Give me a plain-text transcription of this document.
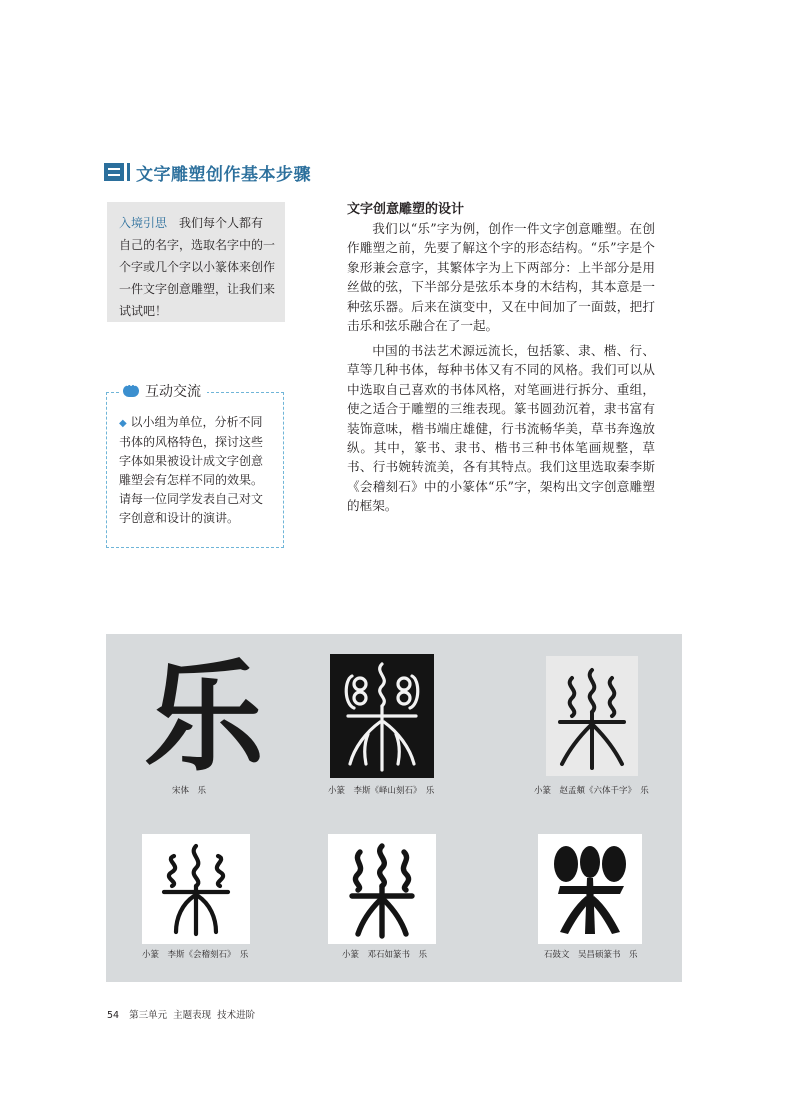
文字雕塑创作基本步骤
入境引思　 我们每个人都有自己的名字，选取名字中的一个字或几个字以小篆体来创作一件文字创意雕塑，让我们来试试吧！
•••
互动交流
◆ 以小组为单位，分析不同书体的风格特色，探讨这些字体如果被设计成文字创意雕塑会有怎样不同的效果。请每一位同学发表自己对文字创意和设计的演讲。
文字创意雕塑的设计
我们以“乐”字为例，创作一件文字创意雕塑。在创作雕塑之前，先要了解这个字的形态结构。“乐”字是个象形兼会意字，其繁体字为上下两部分：上半部分是用丝做的弦，下半部分是弦乐本身的木结构，其本意是一种弦乐器。后来在演变中，又在中间加了一面鼓，把打击乐和弦乐融合在了一起。
中国的书法艺术源远流长，包括篆、隶、楷、行、草等几种书体，每种书体又有不同的风格。我们可以从中选取自己喜欢的书体风格，对笔画进行拆分、重组，使之适合于雕塑的三维表现。篆书圆劲沉着，隶书富有装饰意味，楷书端庄雄健，行书流畅华美，草书奔逸放纵。其中，篆书、隶书、楷书三种书体笔画规整，草书、行书婉转流美，各有其特点。我们这里选取秦李斯《会稽刻石》中的小篆体“乐”字，架构出文字创意雕塑的框架。
乐
宋体　乐	小篆　李斯《峄山刻石》　乐	小篆　赵孟頫《六体千字》　乐
小篆　李斯《会稽刻石》　乐	小篆　邓石如篆书　乐	石鼓文　吴昌硕篆书　乐
54 第三单元 主题表现 技术进阶
